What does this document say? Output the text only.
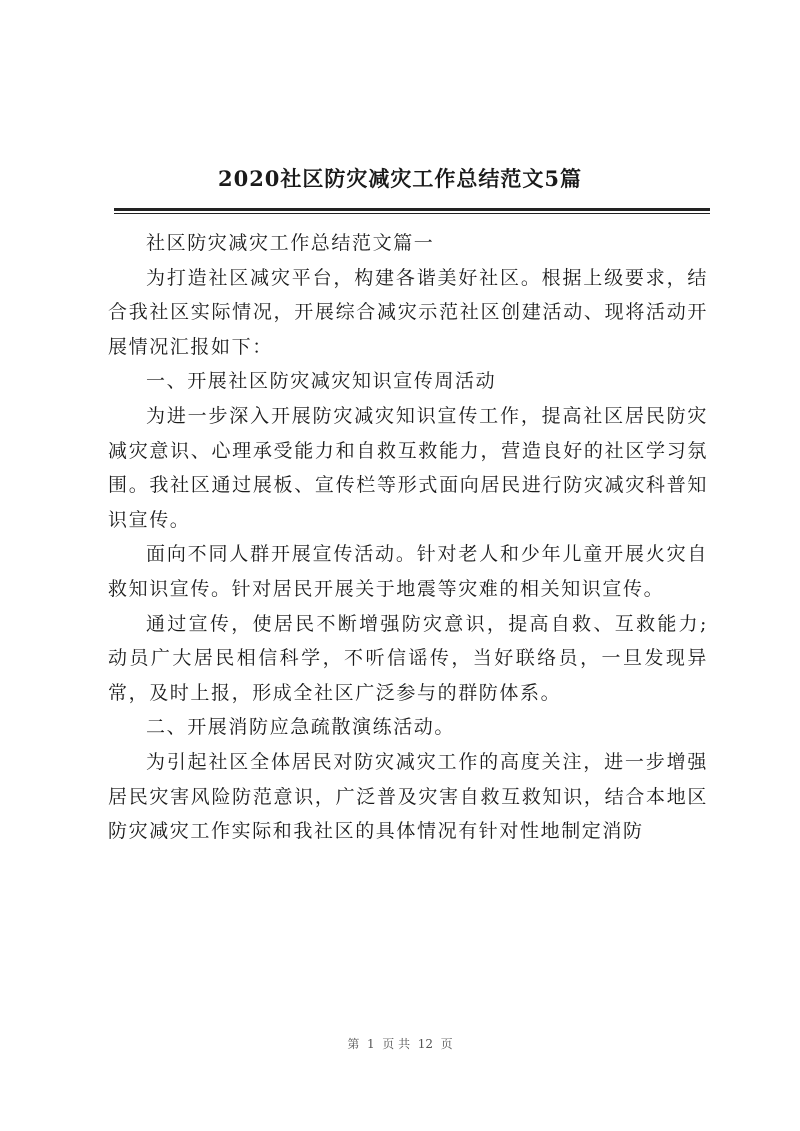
2020社区防灾减灾工作总结范文5篇

社区防灾减灾工作总结范文篇一

为打造社区减灾平台，构建各谐美好社区。根据上级要求，结合我社区实际情况，开展综合减灾示范社区创建活动、现将活动开展情况汇报如下：

一、开展社区防灾减灾知识宣传周活动

为进一步深入开展防灾减灾知识宣传工作，提高社区居民防灾减灾意识、心理承受能力和自救互救能力，营造良好的社区学习氛围。我社区通过展板、宣传栏等形式面向居民进行防灾减灾科普知识宣传。

面向不同人群开展宣传活动。针对老人和少年儿童开展火灾自救知识宣传。针对居民开展关于地震等灾难的相关知识宣传。

通过宣传，使居民不断增强防灾意识，提高自救、互救能力;动员广大居民相信科学，不听信谣传，当好联络员，一旦发现异常，及时上报，形成全社区广泛参与的群防体系。

二、开展消防应急疏散演练活动。

为引起社区全体居民对防灾减灾工作的高度关注，进一步增强居民灾害风险防范意识，广泛普及灾害自救互救知识，结合本地区防灾减灾工作实际和我社区的具体情况有针对性地制定消防

第  1  页 共  12  页
